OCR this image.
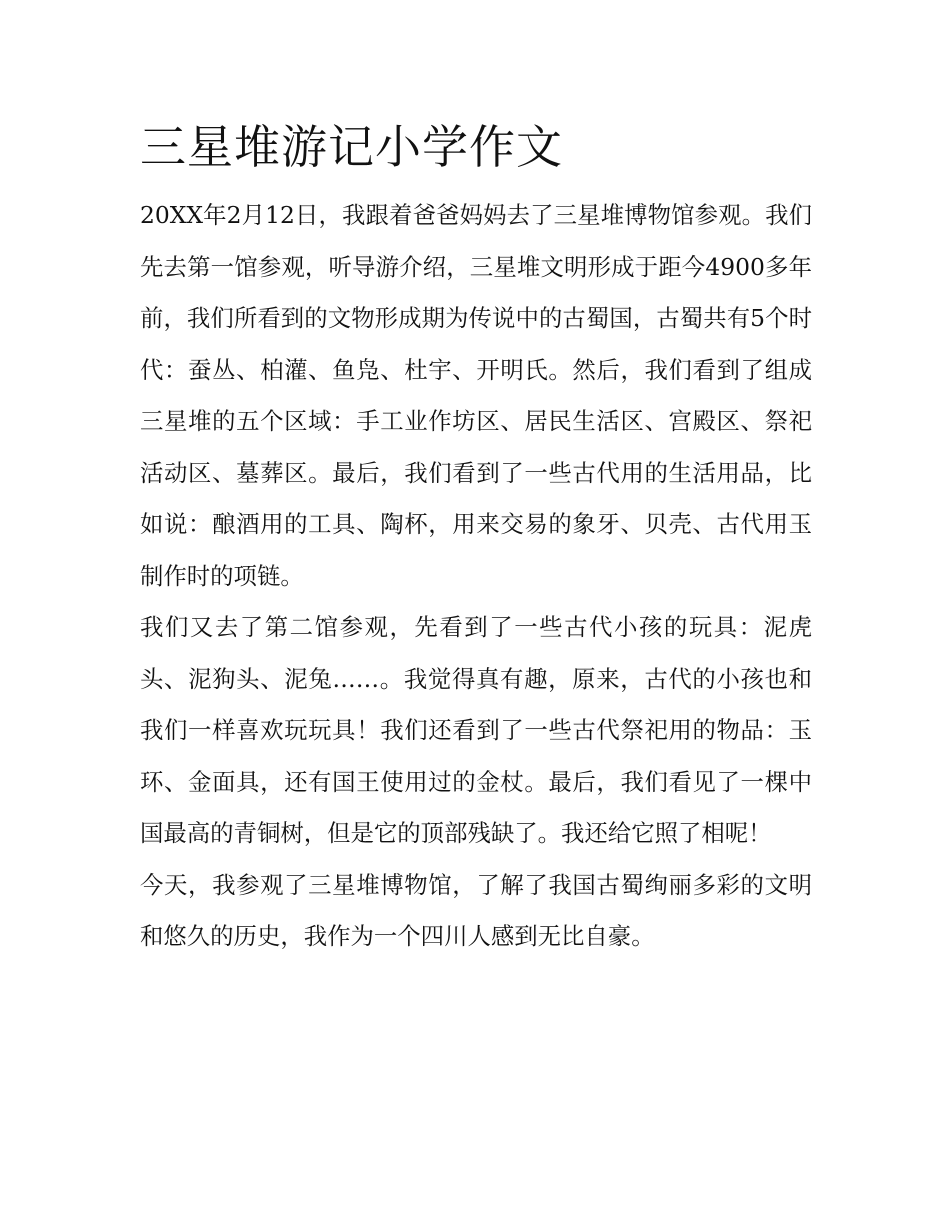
三星堆游记小学作文

20XX年2月12日，我跟着爸爸妈妈去了三星堆博物馆参观。我们先去第一馆参观，听导游介绍，三星堆文明形成于距今4900多年前，我们所看到的文物形成期为传说中的古蜀国，古蜀共有5个时代：蚕丛、柏灌、鱼凫、杜宇、开明氏。然后，我们看到了组成三星堆的五个区域：手工业作坊区、居民生活区、宫殿区、祭祀活动区、墓葬区。最后，我们看到了一些古代用的生活用品，比如说：酿酒用的工具、陶杯，用来交易的象牙、贝壳、古代用玉制作时的项链。

我们又去了第二馆参观，先看到了一些古代小孩的玩具：泥虎头、泥狗头、泥兔……。我觉得真有趣，原来，古代的小孩也和我们一样喜欢玩玩具！我们还看到了一些古代祭祀用的物品：玉环、金面具，还有国王使用过的金杖。最后，我们看见了一棵中国最高的青铜树，但是它的顶部残缺了。我还给它照了相呢！

今天，我参观了三星堆博物馆，了解了我国古蜀绚丽多彩的文明和悠久的历史，我作为一个四川人感到无比自豪。
